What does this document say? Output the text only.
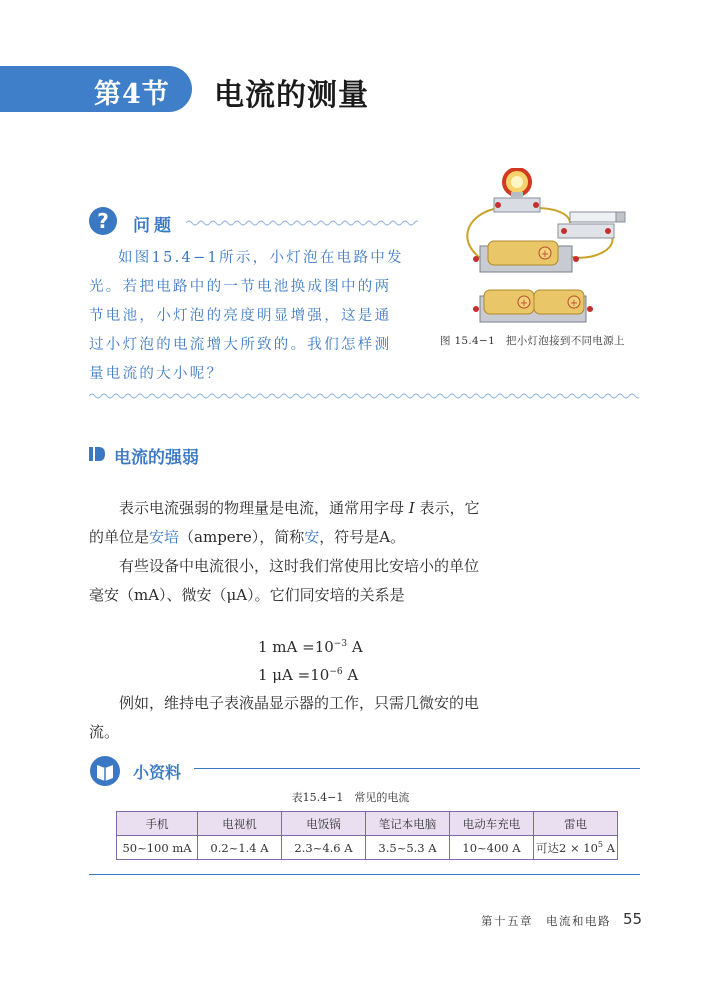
第4节 电流的测量
?	问题

如图15.4−1所示，小灯泡在电路中发光。若把电路中的一节电池换成图中的两节电池，小灯泡的亮度明显增强，这是通过小灯泡的电流增大所致的。我们怎样测量电流的大小呢？

+
+	+
图 15.4−1　把小灯泡接到不同电源上
电流的强弱

表示电流强弱的物理量是电流，通常用字母 I 表示，它的单位是安培（ampere），简称安，符号是A。

有些设备中电流很小，这时我们常使用比安培小的单位毫安（mA）、微安（μA）。它们同安培的关系是

1 mA $=10^{-3}$ A
1 $\mu A =10^{-6}$ A

例如，维持电子表液晶显示器的工作，只需几微安的电流。

小资料
表15.4−1　常见的电流
手机	电视机	电饭锅	笔记本电脑	电动车充电	雷电
50~100 mA	0.2~1.4 A	2.3~4.6 A	3.5~5.3 A	10~400 A	可达$2 \times 10^5$ A
第十五章　电流和电路 55
